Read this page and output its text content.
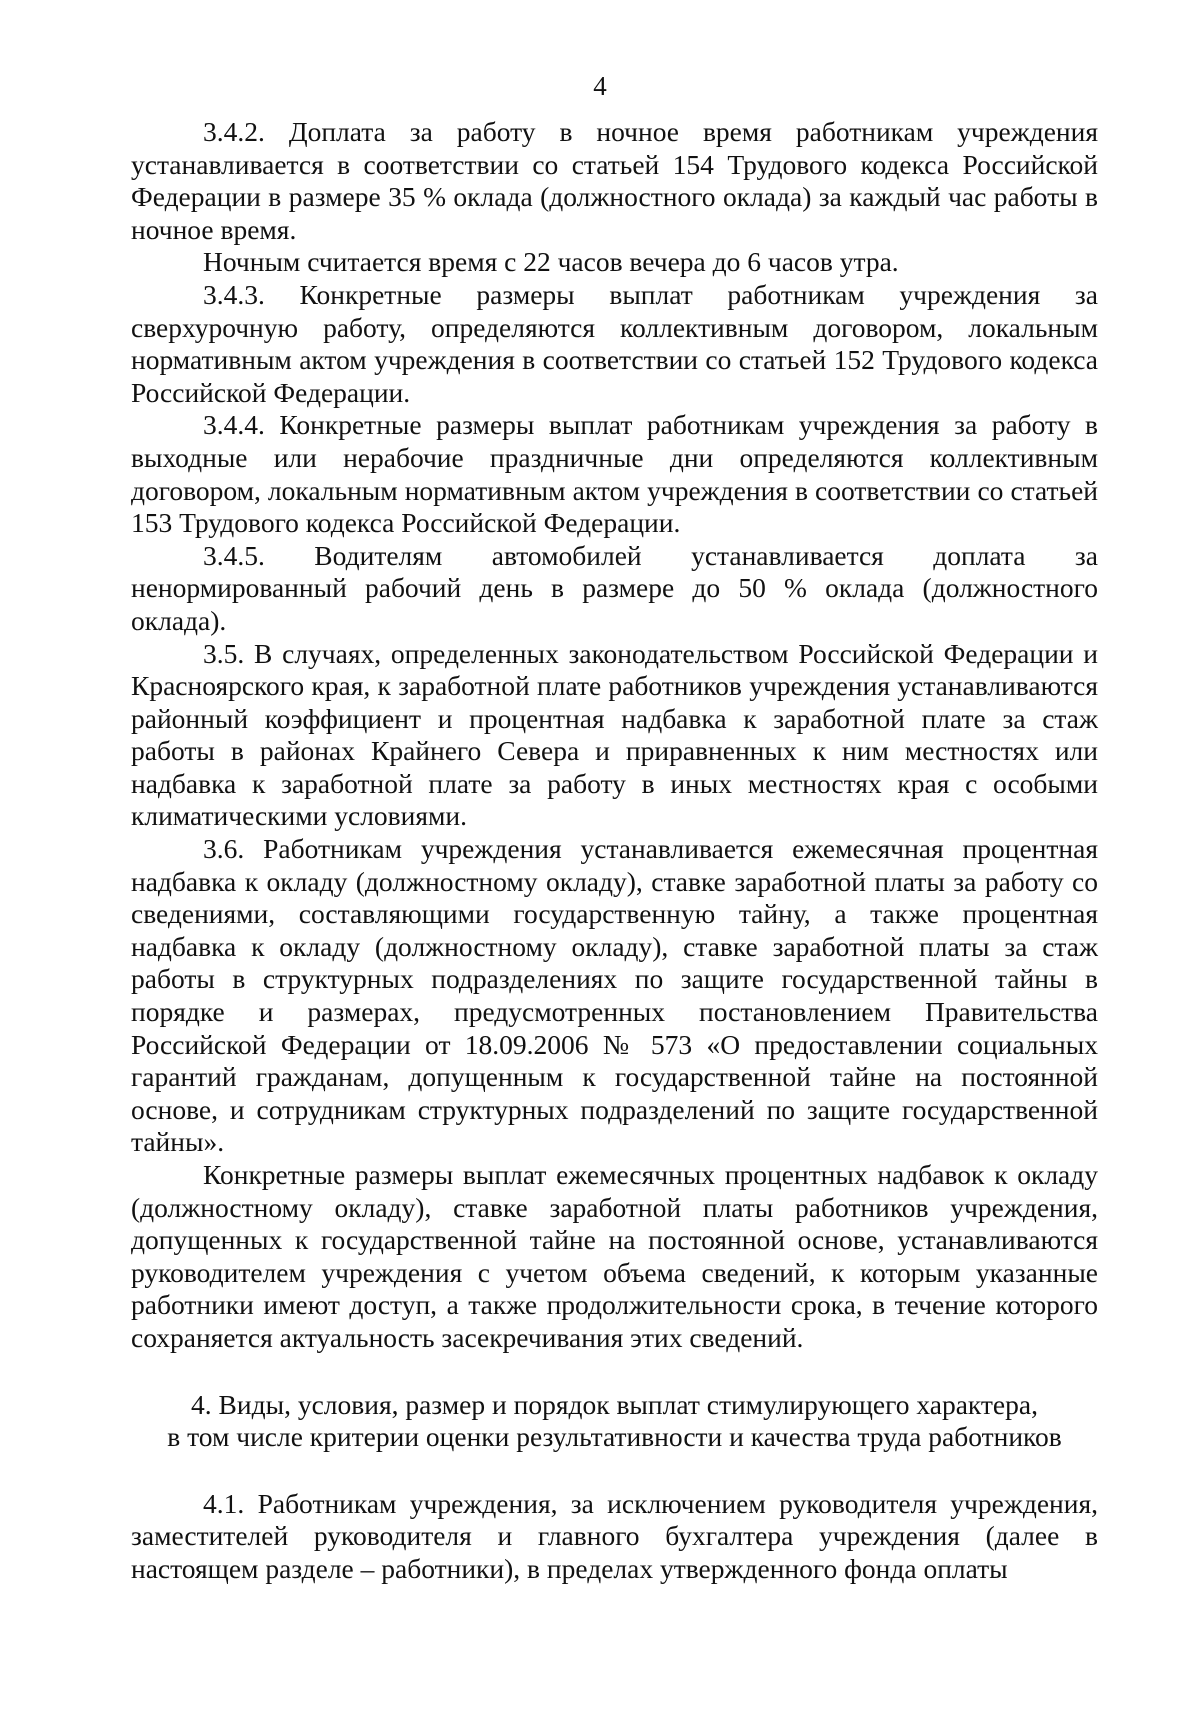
4

3.4.2. Доплата за работу в ночное время работникам учреждения устанавливается в соответствии со статьей 154 Трудового кодекса Российской Федерации в размере 35 % оклада (должностного оклада) за каждый час работы в ночное время.

Ночным считается время с 22 часов вечера до 6 часов утра.

3.4.3. Конкретные размеры выплат работникам учреждения за сверхурочную работу, определяются коллективным договором, локальным нормативным актом учреждения в соответствии со статьей 152 Трудового кодекса Российской Федерации.

3.4.4. Конкретные размеры выплат работникам учреждения за работу в выходные или нерабочие праздничные дни определяются коллективным договором, локальным нормативным актом учреждения в соответствии со статьей 153 Трудового кодекса Российской Федерации.

3.4.5. Водителям автомобилей устанавливается доплата за ненормированный рабочий день в размере до 50 % оклада (должностного оклада).

3.5. В случаях, определенных законодательством Российской Федерации и Красноярского края, к заработной плате работников учреждения устанавливаются районный коэффициент и процентная надбавка к заработной плате за стаж работы в районах Крайнего Севера и приравненных к ним местностях или надбавка к заработной плате за работу в иных местностях края с особыми климатическими условиями.

3.6. Работникам учреждения устанавливается ежемесячная процентная надбавка к окладу (должностному окладу), ставке заработной платы за работу со сведениями, составляющими государственную тайну, а также процентная надбавка к окладу (должностному окладу), ставке заработной платы за стаж работы в структурных подразделениях по защите государственной тайны в порядке и размерах, предусмотренных постановлением Правительства Российской Федерации от 18.09.2006 № 573 «О предоставлении социальных гарантий гражданам, допущенным к государственной тайне на постоянной основе, и сотрудникам структурных подразделений по защите государственной тайны».

Конкретные размеры выплат ежемесячных процентных надбавок к окладу (должностному окладу), ставке заработной платы работников учреждения, допущенных к государственной тайне на постоянной основе, устанавливаются руководителем учреждения с учетом объема сведений, к которым указанные работники имеют доступ, а также продолжительности срока, в течение которого сохраняется актуальность засекречивания этих сведений.

4. Виды, условия, размер и порядок выплат стимулирующего характера,
в том числе критерии оценки результативности и качества труда работников

4.1. Работникам учреждения, за исключением руководителя учреждения, заместителей руководителя и главного бухгалтера учреждения (далее в настоящем разделе – работники), в пределах утвержденного фонда оплаты
